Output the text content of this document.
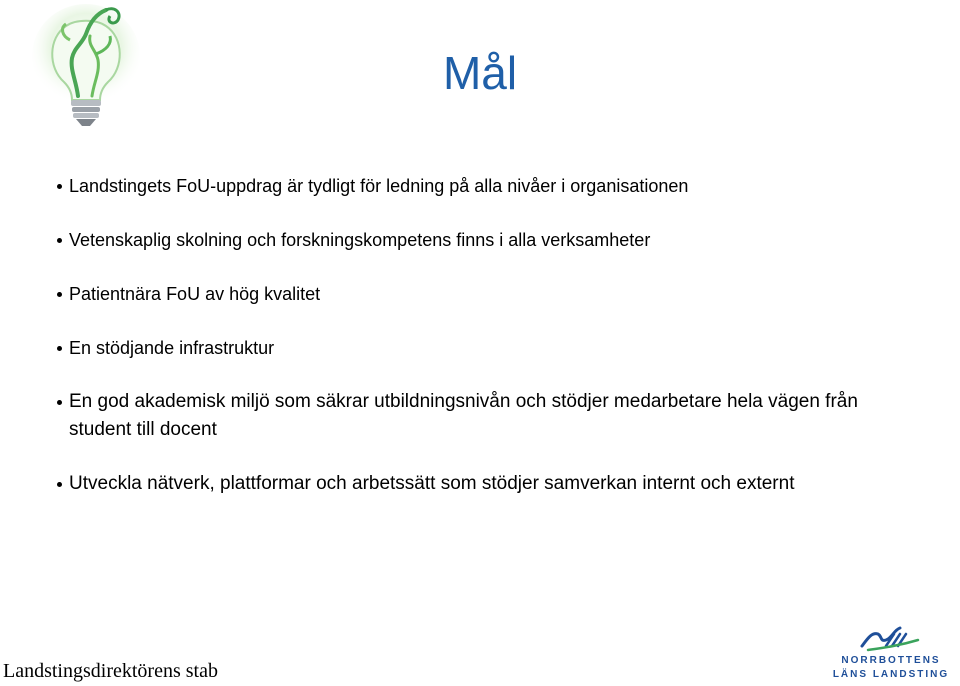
Mål
Landstingets FoU-uppdrag är tydligt för ledning på alla nivåer i organisationen
Vetenskaplig skolning och forskningskompetens finns i alla verksamheter
Patientnära FoU av hög kvalitet
En stödjande infrastruktur
En god akademisk miljö som säkrar utbildningsnivån och stödjer medarbetare hela vägen från student till docent
Utveckla nätverk, plattformar och arbetssätt som stödjer samverkan internt och externt
Landstingsdirektörens stab	NORRBOTTENS
LÄNS LANDSTING
